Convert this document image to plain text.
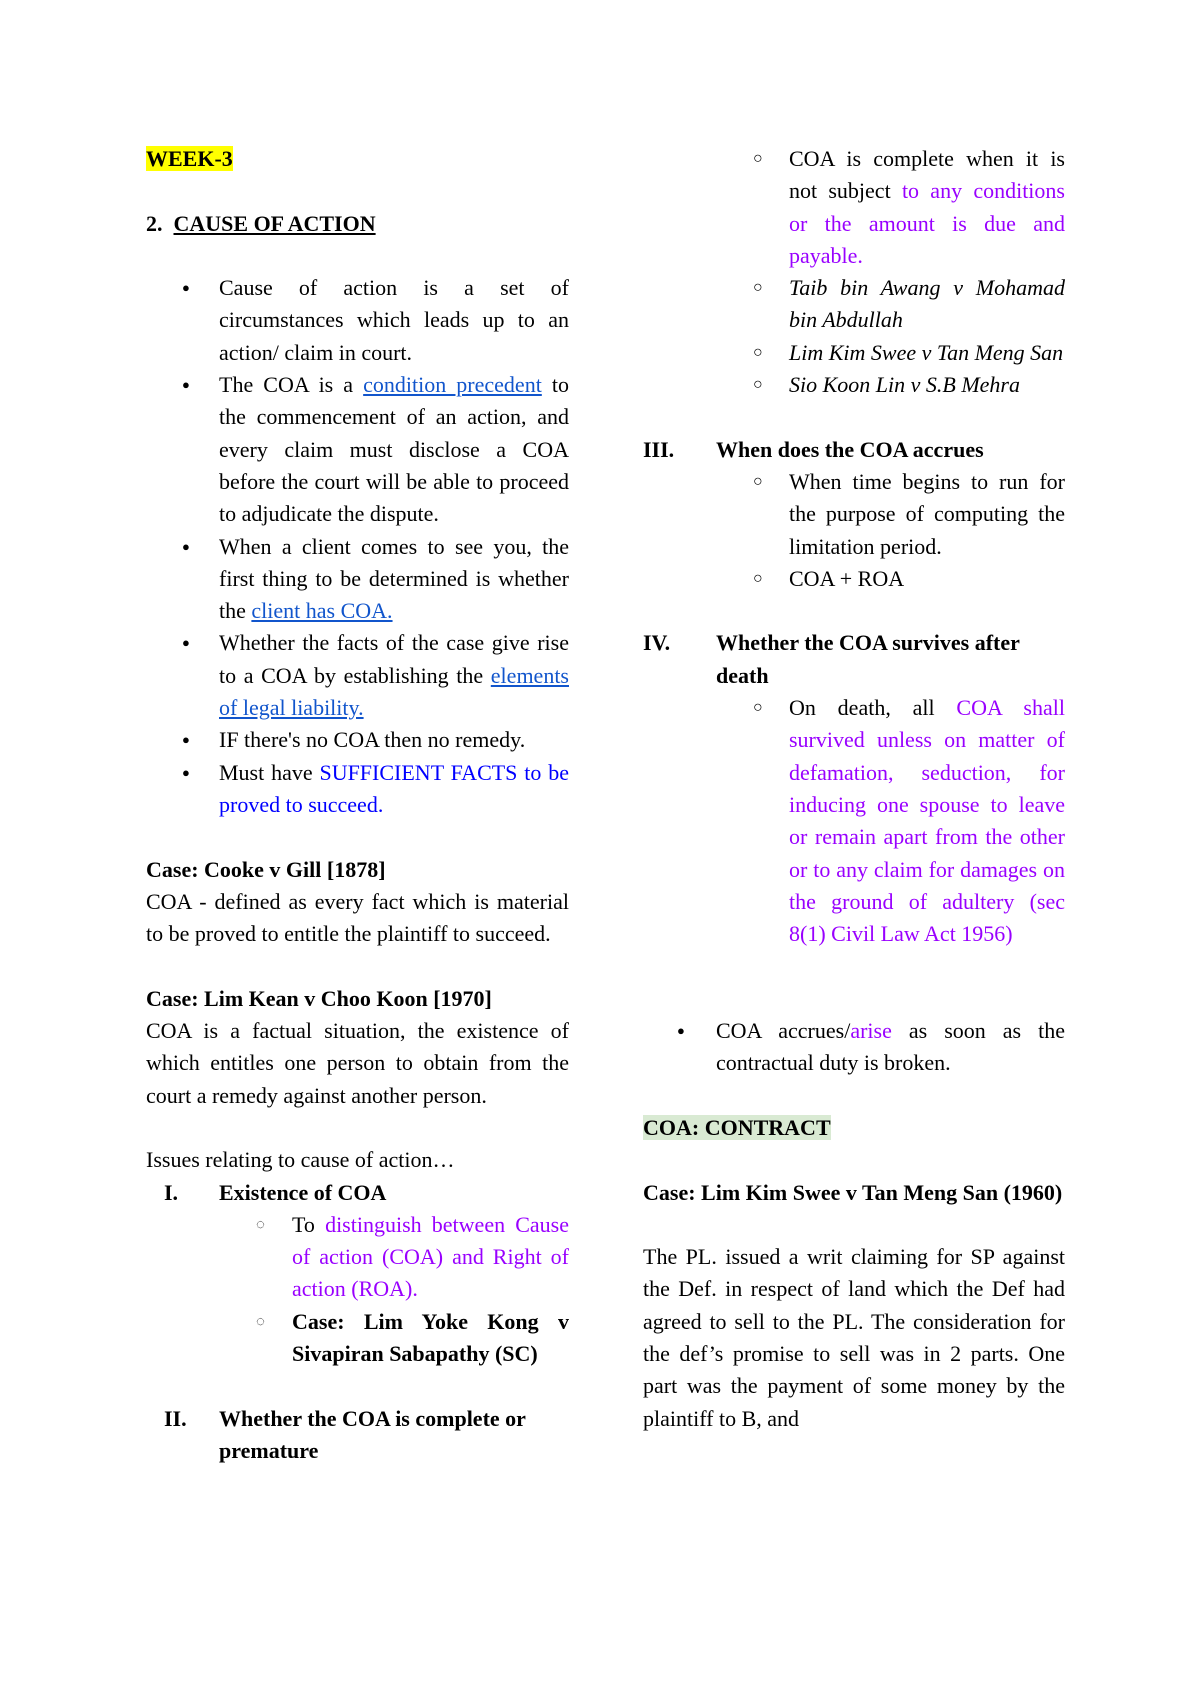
WEEK-3
2. CAUSE OF ACTION
● Cause of action is a set of circumstances which leads up to an action/ claim in court.
● The COA is a condition precedent to the commencement of an action, and every claim must disclose a COA before the court will be able to proceed to adjudicate the dispute.
● When a client comes to see you, the first thing to be determined is whether the client has COA.
● Whether the facts of the case give rise to a COA by establishing the elements of legal liability.
● IF there's no COA then no remedy.
● Must have SUFFICIENT FACTS to be proved to succeed.
Case: Cooke v Gill [1878]
COA - defined as every fact which is material to be proved to entitle the plaintiff to succeed.
Case: Lim Kean v Choo Koon [1970]
COA is a factual situation, the existence of which entitles one person to obtain from the court a remedy against another person.
Issues relating to cause of action…
I. Existence of COA
◌ To distinguish between Cause of action (COA) and Right of action (ROA).
◌ Case: Lim Yoke Kong v Sivapiran Sabapathy (SC)
II. Whether the COA is complete or premature
○ COA is complete when it is not subject to any conditions or the amount is due and payable.
○ Taib bin Awang v Mohamad bin Abdullah
○ Lim Kim Swee v Tan Meng San
○ Sio Koon Lin v S.B Mehra
III. When does the COA accrues
○ When time begins to run for the purpose of computing the limitation period.
○ COA + ROA
IV. Whether the COA survives after death
○ On death, all COA shall survived unless on matter of defamation, seduction, for inducing one spouse to leave or remain apart from the other or to any claim for damages on the ground of adultery (sec 8(1) Civil Law Act 1956)
● COA accrues/arise as soon as the contractual duty is broken.
COA: CONTRACT
Case: Lim Kim Swee v Tan Meng San (1960)
The PL. issued a writ claiming for SP against the Def. in respect of land which the Def had agreed to sell to the PL. The consideration for the def’s promise to sell was in 2 parts. One part was the payment of some money by the plaintiff to B, and
